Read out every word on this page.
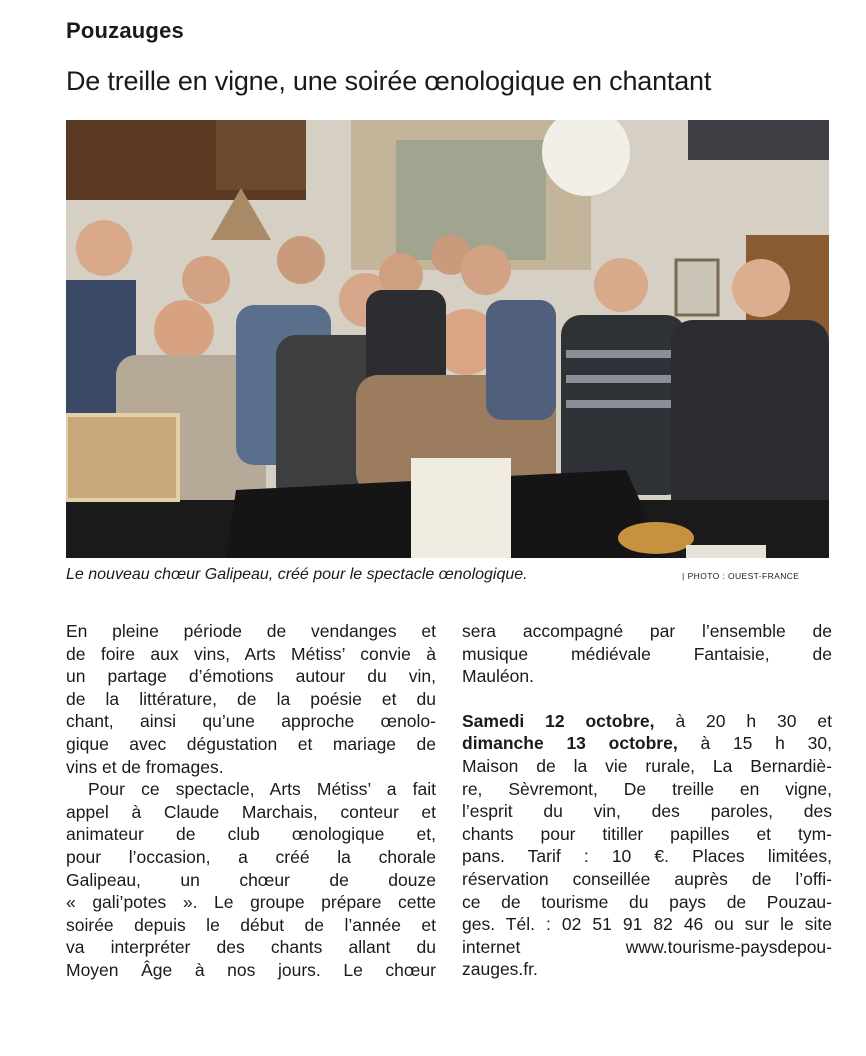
Pouzauges
De treille en vigne, une soirée œnologique en chantant
Le nouveau chœur Galipeau, créé pour le spectacle œnologique.	| PHOTO : OUEST-FRANCE
En pleine période de vendanges et
de foire aux vins, Arts Métiss’ convie à
un partage d’émotions autour du vin,
de la littérature, de la poésie et du
chant, ainsi qu’une approche œnolo-
gique avec dégustation et mariage de
vins et de fromages.
Pour ce spectacle, Arts Métiss’ a fait
appel à Claude Marchais, conteur et
animateur de club œnologique et,
pour l’occasion, a créé la chorale
Galipeau, un chœur de douze
« gali’potes ». Le groupe prépare cette
soirée depuis le début de l’année et
va interpréter des chants allant du
Moyen Âge à nos jours. Le chœur
sera accompagné par l’ensemble de
musique médiévale Fantaisie, de
Mauléon.
Samedi 12 octobre, à 20 h 30 et
dimanche 13 octobre, à 15 h 30,
Maison de la vie rurale, La Bernardiè-
re, Sèvremont, De treille en vigne,
l’esprit du vin, des paroles, des
chants pour titiller papilles et tym-
pans. Tarif : 10 €. Places limitées,
réservation conseillée auprès de l’offi-
ce de tourisme du pays de Pouzau-
ges. Tél. : 02 51 91 82 46 ou sur le site
internet www.tourisme-paysdepou-
zauges.fr.
